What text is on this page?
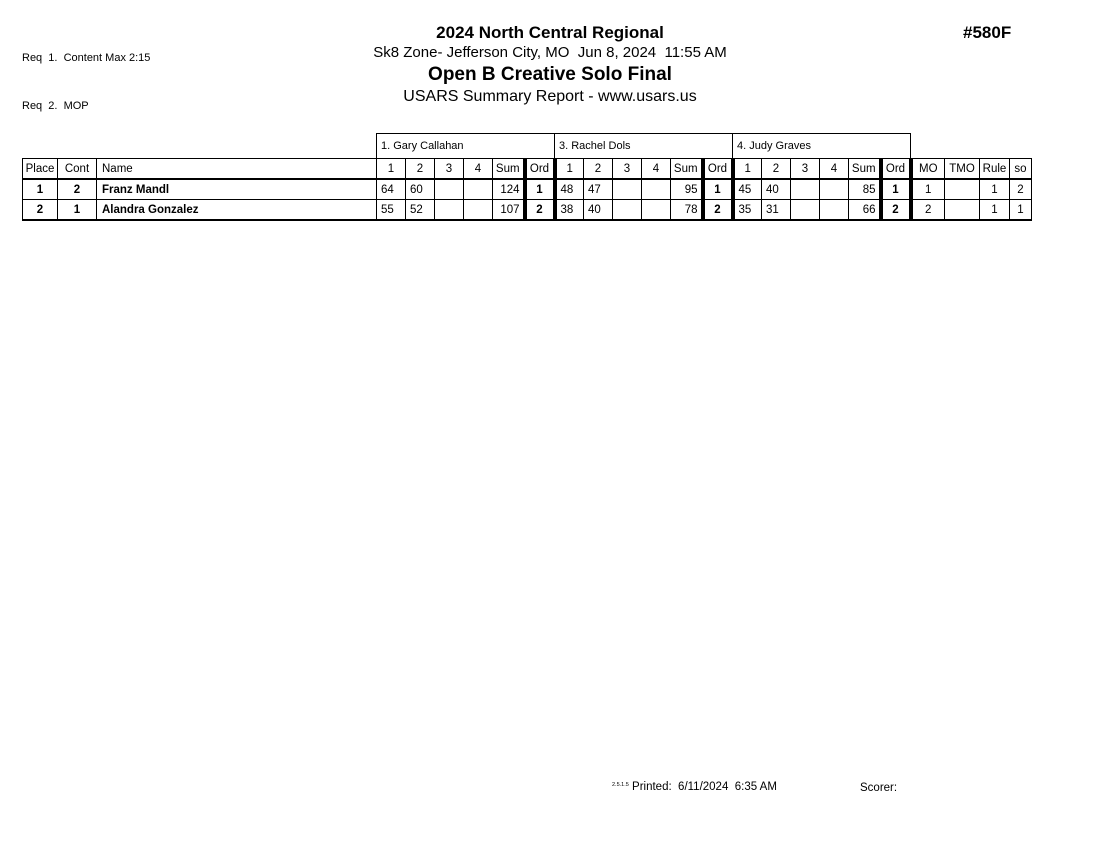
Req  1.  Content Max 2:15

Req  2.  MOP

2024 North Central Regional
Sk8 Zone- Jefferson City, MO  Jun 8, 2024  11:55 AM
Open B Creative Solo Final
USARS Summary Report - www.usars.us
#580F
			1. Gary Callahan						3. Rachel Dols						4. Judy Graves									
Place	Cont	Name	1	2	3	4	Sum	Ord	1	2	3	4	Sum	Ord	1	2	3	4	Sum	Ord	MO	TMO	Rule	so
1	2	Franz Mandl	64	60			124	1	48	47			95	1	45	40			85	1	1		1	2
2	1	Alandra Gonzalez	55	52			107	2	38	40			78	2	35	31			66	2	2		1	1
$^{2.5.1.5}$ Printed:  6/11/2024  6:35 AM	Scorer:
